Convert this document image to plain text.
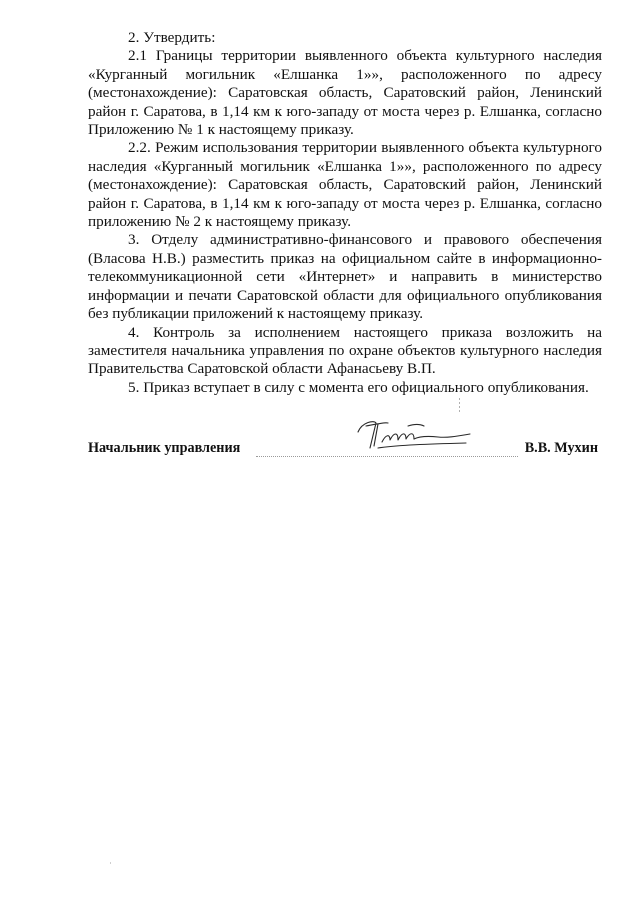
2. Утвердить:

2.1 Границы территории выявленного объекта культурного наследия «Курганный могильник «Елшанка 1»», расположенного по адресу (местонахождение): Саратовская область, Саратовский район, Ленинский район г. Саратова, в 1,14 км к юго-западу от моста через р. Елшанка, согласно Приложению № 1 к настоящему приказу.

2.2. Режим использования территории выявленного объекта культурного наследия «Курганный могильник «Елшанка 1»», расположенного по адресу (местонахождение): Саратовская область, Саратовский район, Ленинский район г. Саратова, в 1,14 км к юго-западу от моста через р. Елшанка, согласно приложению № 2 к настоящему приказу.

3. Отделу административно-финансового и правового обеспечения (Власова Н.В.) разместить приказ на официальном сайте в информационно-телекоммуникационной сети «Интернет» и направить в министерство информации и печати Саратовской области для официального опубликования без публикации приложений к настоящему приказу.

4. Контроль за исполнением настоящего приказа возложить на заместителя начальника управления по охране объектов культурного наследия Правительства Саратовской области Афанасьеву В.П.

5. Приказ вступает в силу с момента его официального опубликования.

Начальник управления	В.В. Мухин
